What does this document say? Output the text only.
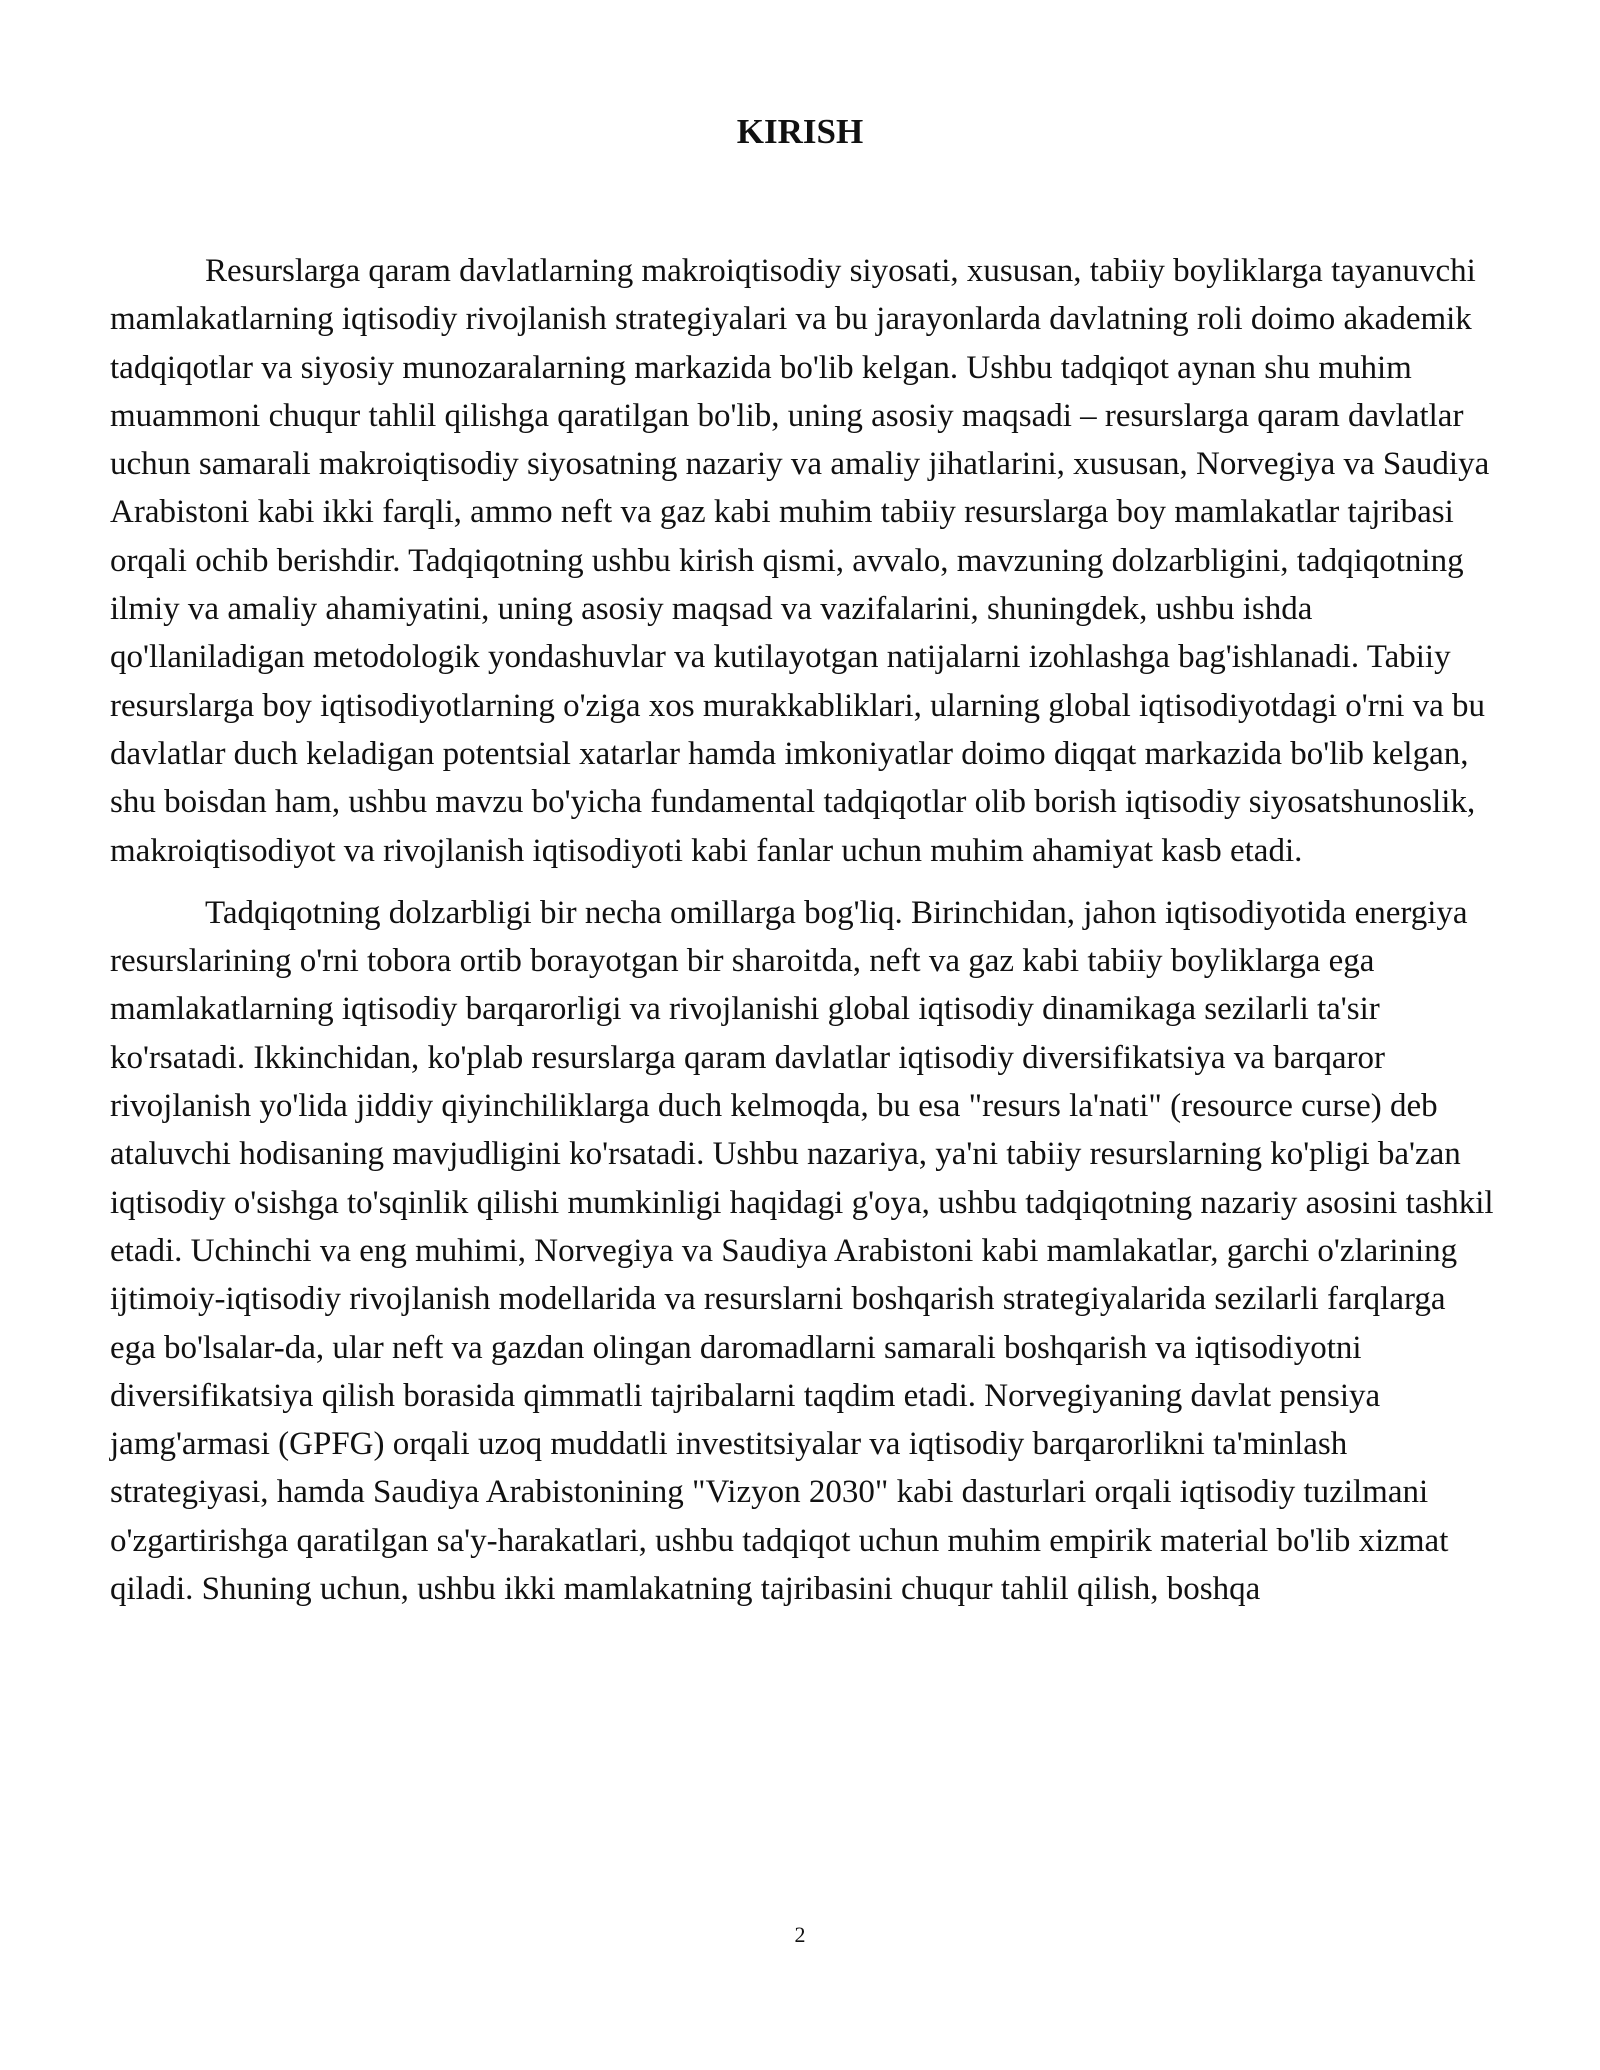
KIRISH

Resurslarga qaram davlatlarning makroiqtisodiy siyosati, xususan, tabiiy boyliklarga tayanuvchi mamlakatlarning iqtisodiy rivojlanish strategiyalari va bu jarayonlarda davlatning roli doimo akademik tadqiqotlar va siyosiy munozaralarning markazida bo'lib kelgan. Ushbu tadqiqot aynan shu muhim muammoni chuqur tahlil qilishga qaratilgan bo'lib, uning asosiy maqsadi – resurslarga qaram davlatlar uchun samarali makroiqtisodiy siyosatning nazariy va amaliy jihatlarini, xususan, Norvegiya va Saudiya Arabistoni kabi ikki farqli, ammo neft va gaz kabi muhim tabiiy resurslarga boy mamlakatlar tajribasi orqali ochib berishdir. Tadqiqotning ushbu kirish qismi, avvalo, mavzuning dolzarbligini, tadqiqotning ilmiy va amaliy ahamiyatini, uning asosiy maqsad va vazifalarini, shuningdek, ushbu ishda qo'llaniladigan metodologik yondashuvlar va kutilayotgan natijalarni izohlashga bag'ishlanadi. Tabiiy resurslarga boy iqtisodiyotlarning o'ziga xos murakkabliklari, ularning global iqtisodiyotdagi o'rni va bu davlatlar duch keladigan potentsial xatarlar hamda imkoniyatlar doimo diqqat markazida bo'lib kelgan, shu boisdan ham, ushbu mavzu bo'yicha fundamental tadqiqotlar olib borish iqtisodiy siyosatshunoslik, makroiqtisodiyot va rivojlanish iqtisodiyoti kabi fanlar uchun muhim ahamiyat kasb etadi.

Tadqiqotning dolzarbligi bir necha omillarga bog'liq. Birinchidan, jahon iqtisodiyotida energiya resurslarining o'rni tobora ortib borayotgan bir sharoitda, neft va gaz kabi tabiiy boyliklarga ega mamlakatlarning iqtisodiy barqarorligi va rivojlanishi global iqtisodiy dinamikaga sezilarli ta'sir ko'rsatadi. Ikkinchidan, ko'plab resurslarga qaram davlatlar iqtisodiy diversifikatsiya va barqaror rivojlanish yo'lida jiddiy qiyinchiliklarga duch kelmoqda, bu esa "resurs la'nati" (resource curse) deb ataluvchi hodisaning mavjudligini ko'rsatadi. Ushbu nazariya, ya'ni tabiiy resurslarning ko'pligi ba'zan iqtisodiy o'sishga to'sqinlik qilishi mumkinligi haqidagi g'oya, ushbu tadqiqotning nazariy asosini tashkil etadi. Uchinchi va eng muhimi, Norvegiya va Saudiya Arabistoni kabi mamlakatlar, garchi o'zlarining ijtimoiy-iqtisodiy rivojlanish modellarida va resurslarni boshqarish strategiyalarida sezilarli farqlarga ega bo'lsalar-da, ular neft va gazdan olingan daromadlarni samarali boshqarish va iqtisodiyotni diversifikatsiya qilish borasida qimmatli tajribalarni taqdim etadi. Norvegiyaning davlat pensiya jamg'armasi (GPFG) orqali uzoq muddatli investitsiyalar va iqtisodiy barqarorlikni ta'minlash strategiyasi, hamda Saudiya Arabistonining "Vizyon 2030" kabi dasturlari orqali iqtisodiy tuzilmani o'zgartirishga qaratilgan sa'y-harakatlari, ushbu tadqiqot uchun muhim empirik material bo'lib xizmat qiladi. Shuning uchun, ushbu ikki mamlakatning tajribasini chuqur tahlil qilish, boshqa

2
